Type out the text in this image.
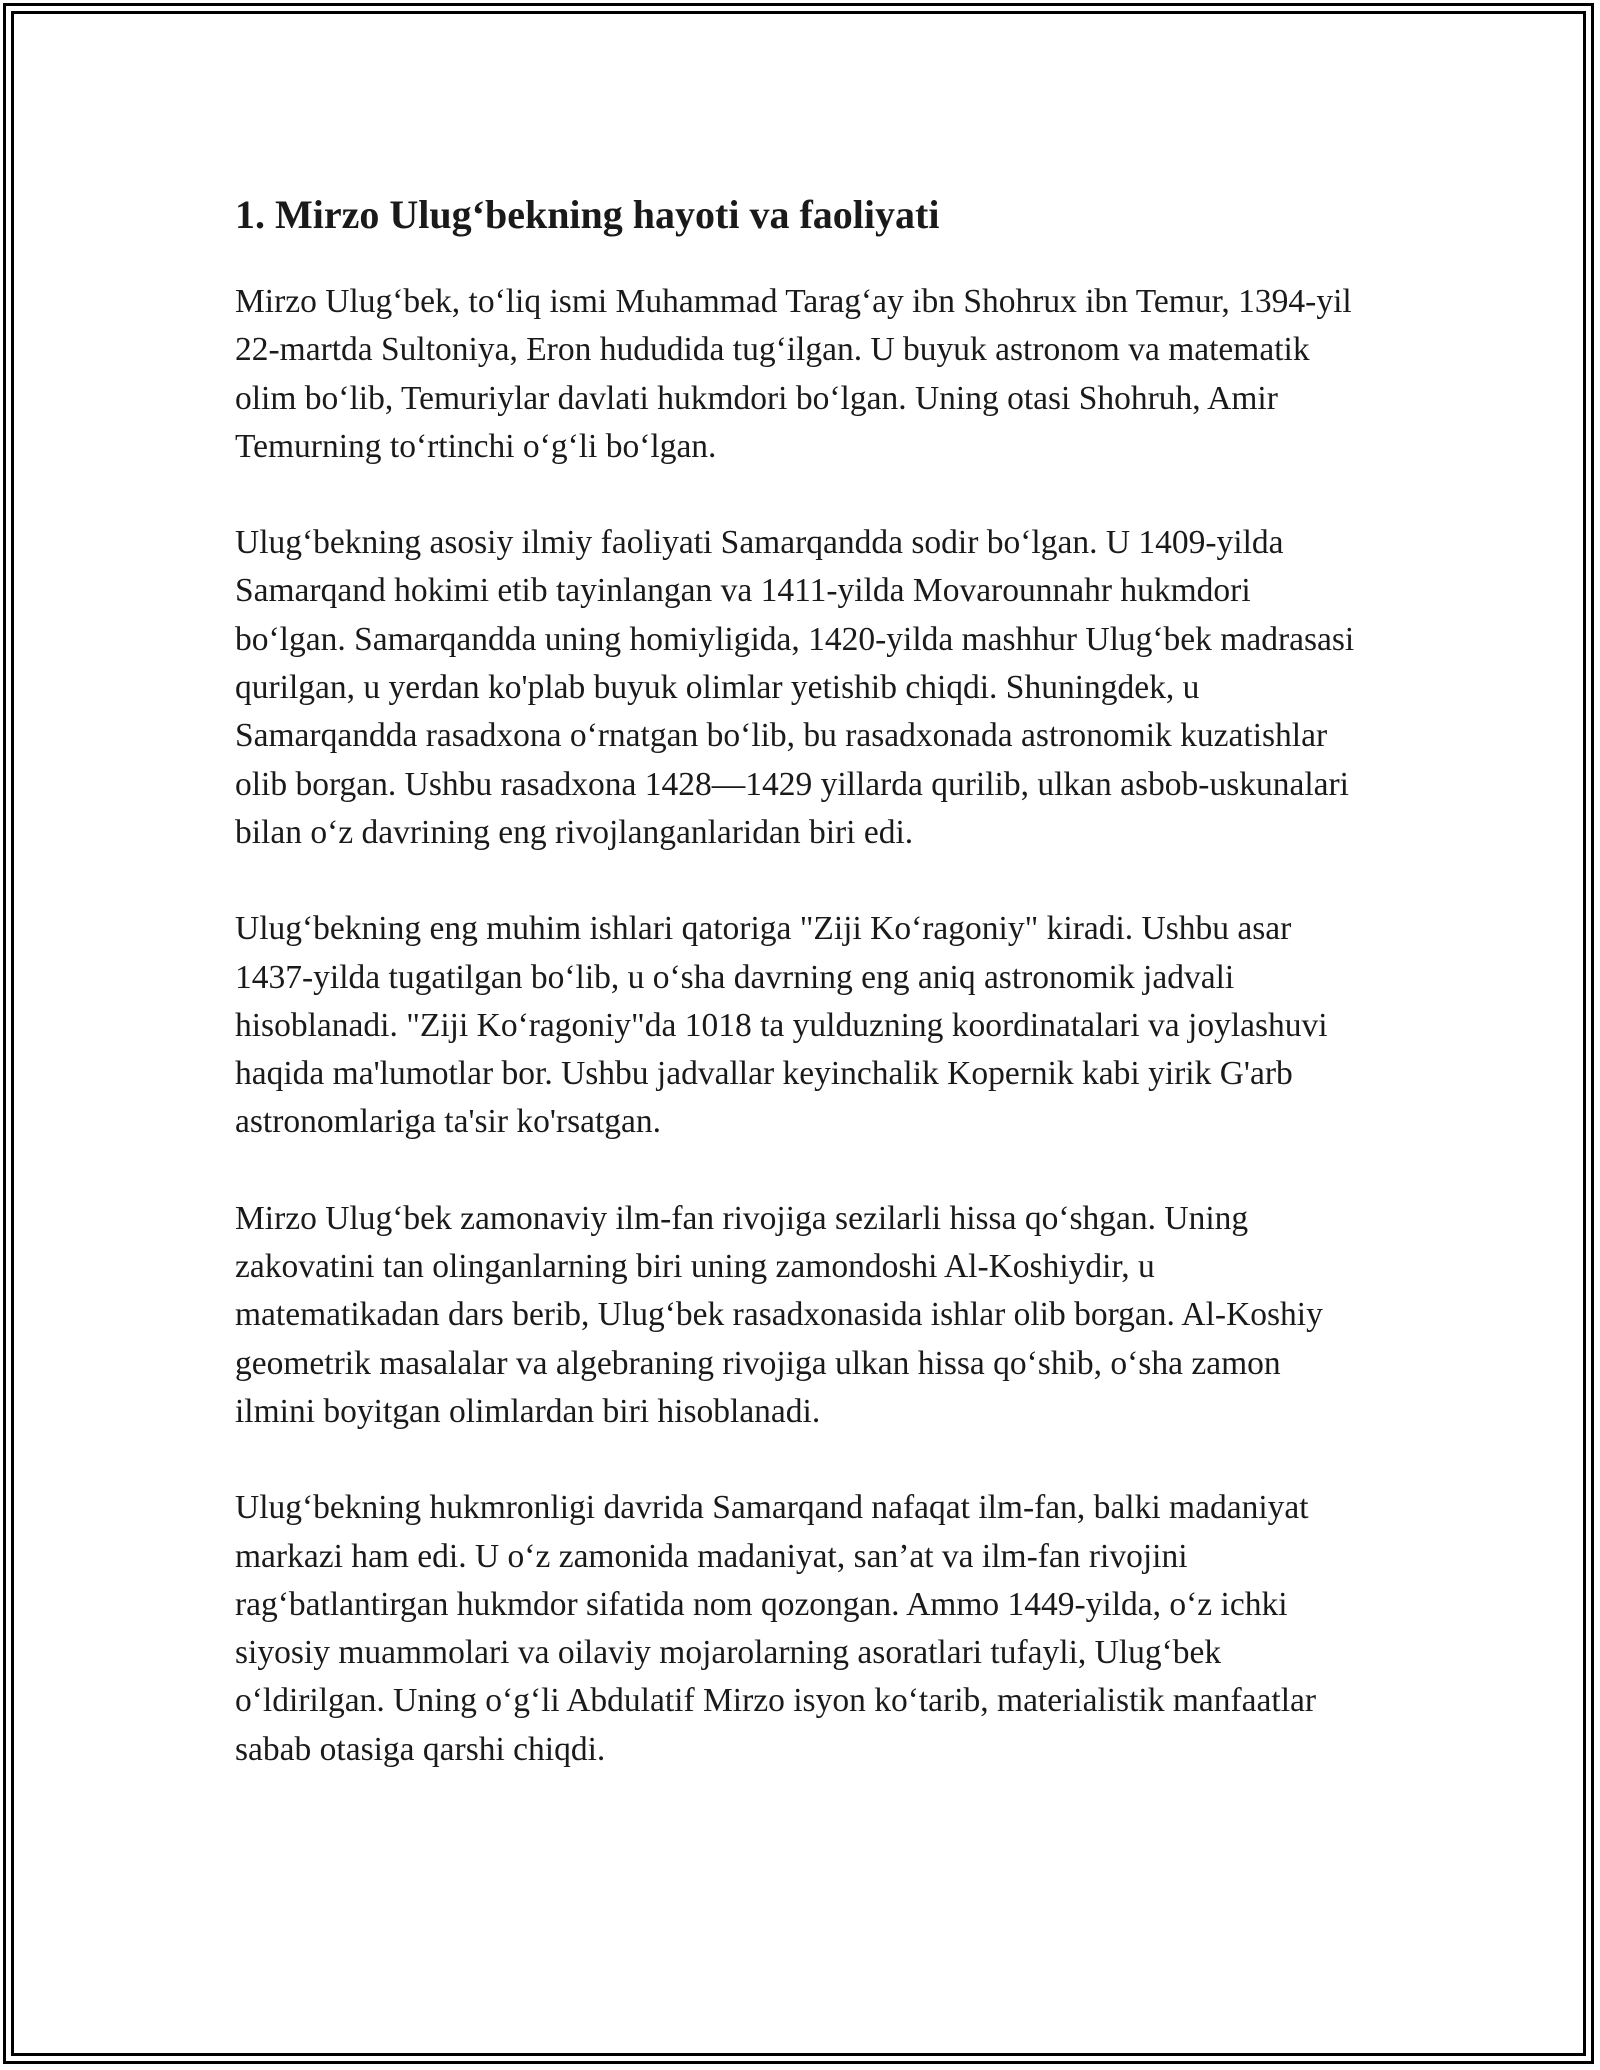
1. Mirzo Ulug‘bekning hayoti va faoliyati

Mirzo Ulug‘bek, to‘liq ismi Muhammad Tarag‘ay ibn Shohrux ibn Temur, 1394-yil 22-martda Sultoniya, Eron hududida tug‘ilgan. U buyuk astronom va matematik olim bo‘lib, Temuriylar davlati hukmdori bo‘lgan. Uning otasi Shohruh, Amir Temurning to‘rtinchi o‘g‘li bo‘lgan.

Ulug‘bekning asosiy ilmiy faoliyati Samarqandda sodir bo‘lgan. U 1409-yilda Samarqand hokimi etib tayinlangan va 1411-yilda Movarounnahr hukmdori bo‘lgan. Samarqandda uning homiyligida, 1420-yilda mashhur Ulug‘bek madrasasi qurilgan, u yerdan ko'plab buyuk olimlar yetishib chiqdi. Shuningdek, u Samarqandda rasadxona o‘rnatgan bo‘lib, bu rasadxonada astronomik kuzatishlar olib borgan. Ushbu rasadxona 1428—1429 yillarda qurilib, ulkan asbob-uskunalari bilan o‘z davrining eng rivojlanganlaridan biri edi.

Ulug‘bekning eng muhim ishlari qatoriga "Ziji Ko‘ragoniy" kiradi. Ushbu asar 1437-yilda tugatilgan bo‘lib, u o‘sha davrning eng aniq astronomik jadvali hisoblanadi. "Ziji Ko‘ragoniy"da 1018 ta yulduzning koordinatalari va joylashuvi haqida ma'lumotlar bor. Ushbu jadvallar keyinchalik Kopernik kabi yirik G'arb astronomlariga ta'sir ko'rsatgan.

Mirzo Ulug‘bek zamonaviy ilm-fan rivojiga sezilarli hissa qo‘shgan. Uning zakovatini tan olinganlarning biri uning zamondoshi Al-Koshiydir, u matematikadan dars berib, Ulug‘bek rasadxonasida ishlar olib borgan. Al-Koshiy geometrik masalalar va algebraning rivojiga ulkan hissa qo‘shib, o‘sha zamon ilmini boyitgan olimlardan biri hisoblanadi.

Ulug‘bekning hukmronligi davrida Samarqand nafaqat ilm-fan, balki madaniyat markazi ham edi. U o‘z zamonida madaniyat, san’at va ilm-fan rivojini rag‘batlantirgan hukmdor sifatida nom qozongan. Ammo 1449-yilda, o‘z ichki siyosiy muammolari va oilaviy mojarolarning asoratlari tufayli, Ulug‘bek o‘ldirilgan. Uning o‘g‘li Abdulatif Mirzo isyon ko‘tarib, materialistik manfaatlar sabab otasiga qarshi chiqdi.
